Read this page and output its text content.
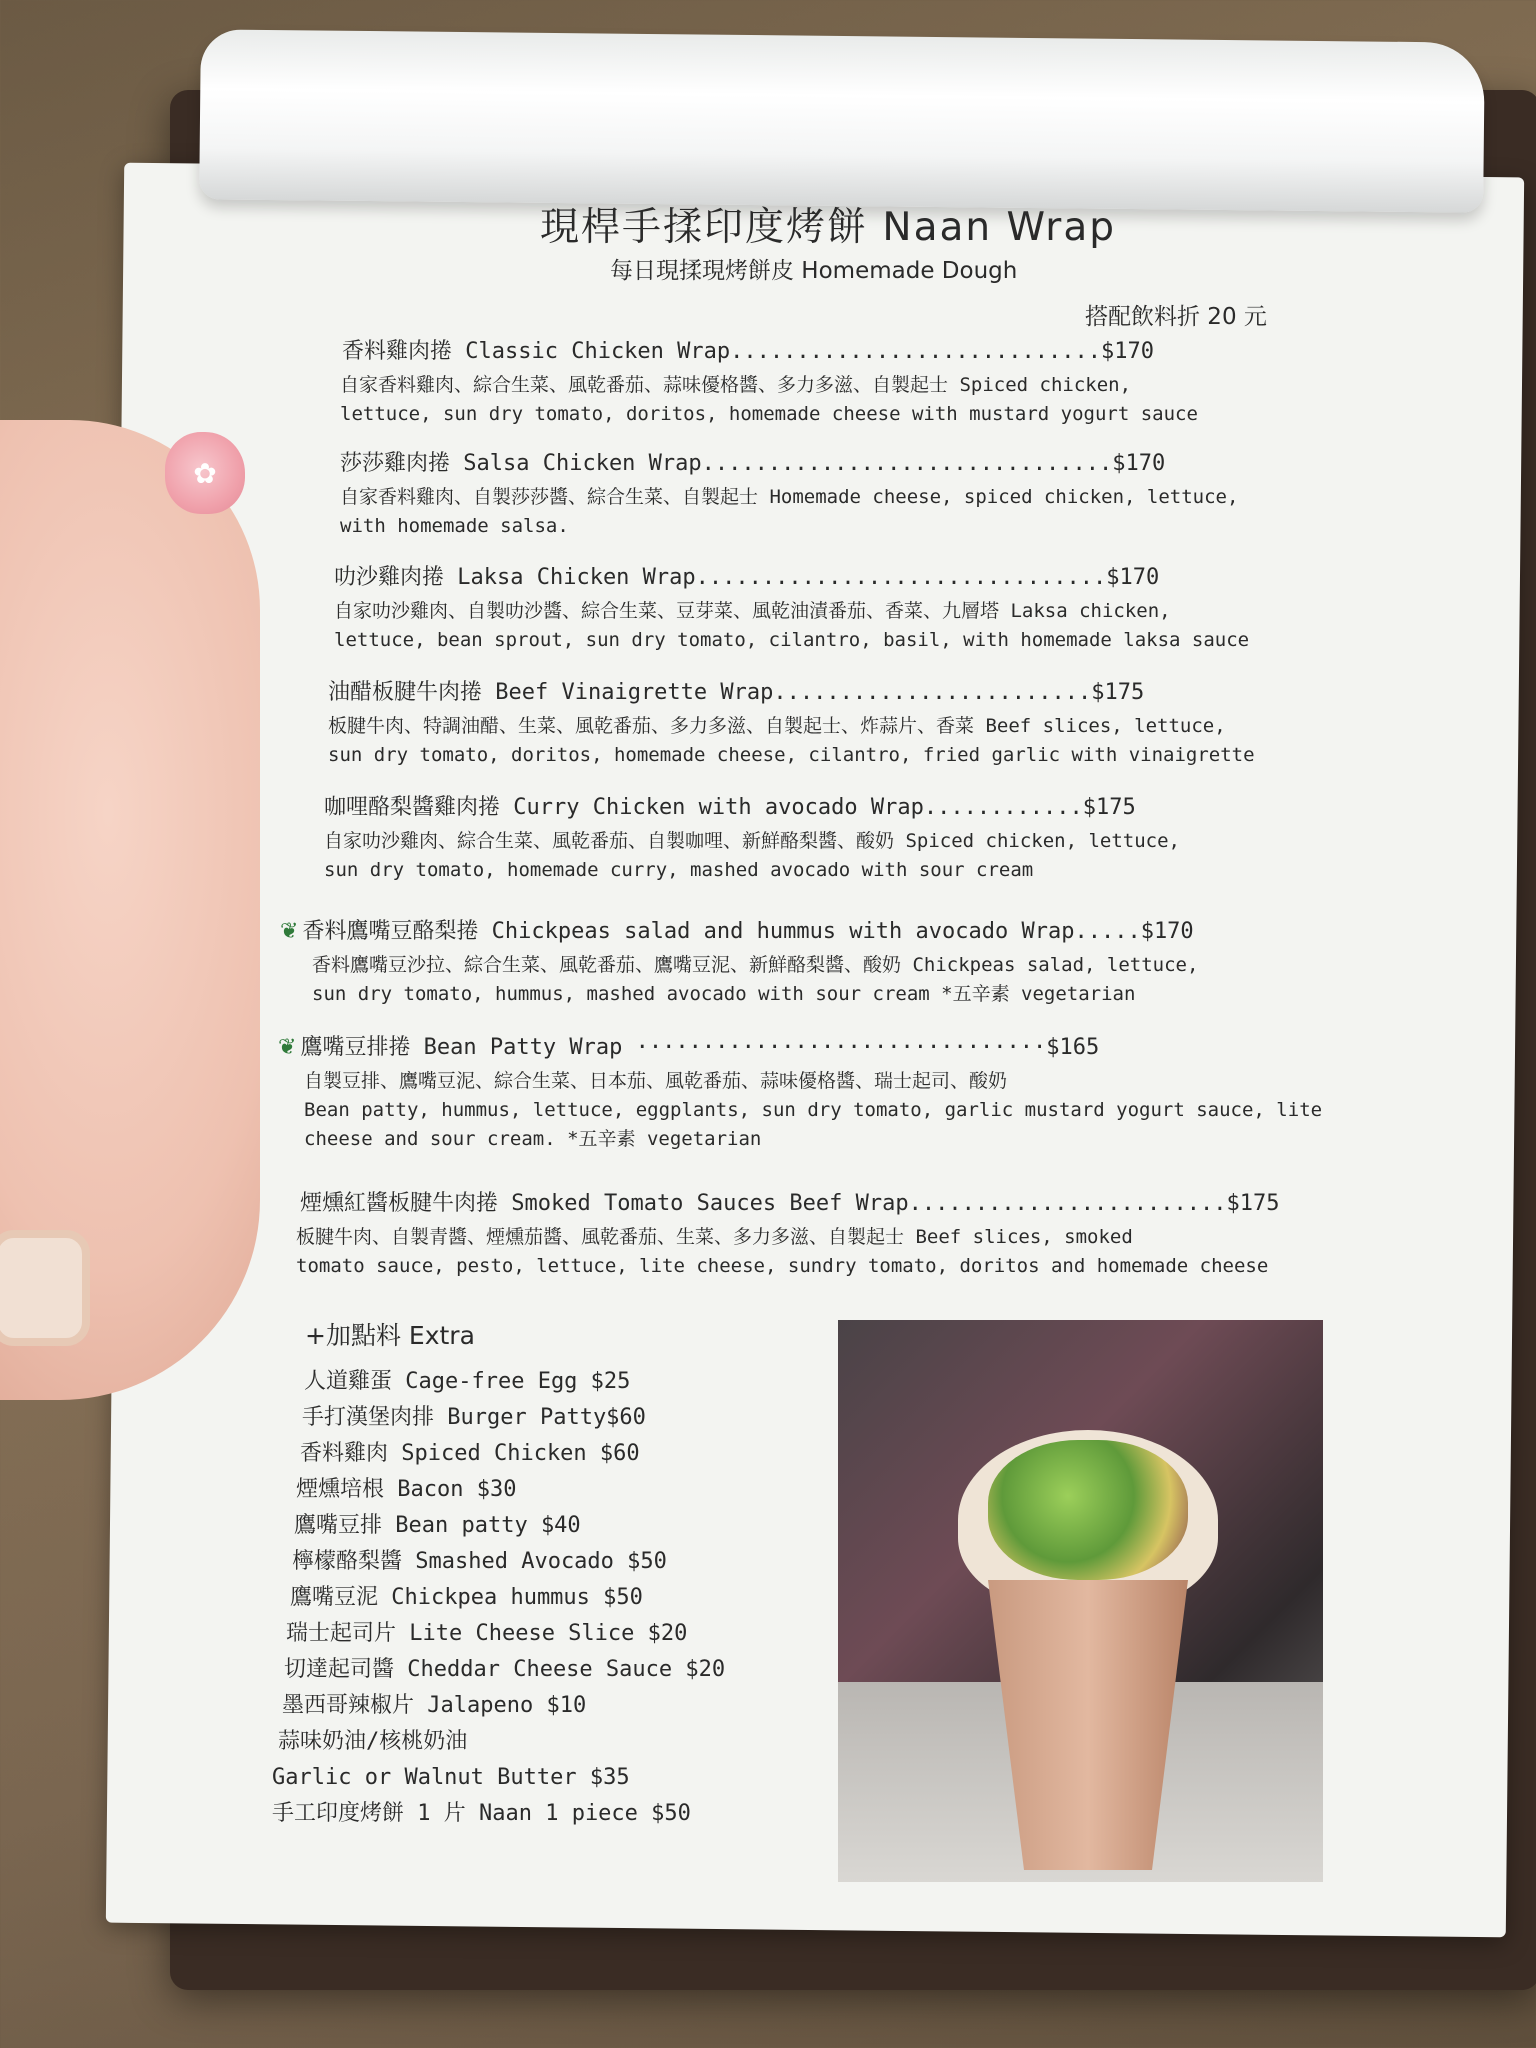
✿
現桿手揉印度烤餅 Naan Wrap
每日現揉現烤餅皮 Homemade Dough
搭配飲料折 20 元
香料雞肉捲 Classic Chicken Wrap............................$170
自家香料雞肉、綜合生菜、風乾番茄、蒜味優格醬、多力多滋、自製起士 Spiced chicken,
lettuce, sun dry tomato, doritos, homemade cheese with mustard yogurt sauce
莎莎雞肉捲 Salsa Chicken Wrap...............................$170
自家香料雞肉、自製莎莎醬、綜合生菜、自製起士 Homemade cheese, spiced chicken, lettuce,
with homemade salsa.
叻沙雞肉捲 Laksa Chicken Wrap...............................$170
自家叻沙雞肉、自製叻沙醬、綜合生菜、豆芽菜、風乾油漬番茄、香菜、九層塔 Laksa chicken,
lettuce, bean sprout, sun dry tomato, cilantro, basil, with homemade laksa sauce
油醋板腱牛肉捲 Beef Vinaigrette Wrap........................$175
板腱牛肉、特調油醋、生菜、風乾番茄、多力多滋、自製起士、炸蒜片、香菜 Beef slices, lettuce,
sun dry tomato, doritos, homemade cheese, cilantro, fried garlic with vinaigrette
咖哩酪梨醬雞肉捲 Curry Chicken with avocado Wrap............$175
自家叻沙雞肉、綜合生菜、風乾番茄、自製咖哩、新鮮酪梨醬、酸奶 Spiced chicken, lettuce,
sun dry tomato, homemade curry, mashed avocado with sour cream
❦ 香料鷹嘴豆酪梨捲 Chickpeas salad and hummus with avocado Wrap.....$170
香料鷹嘴豆沙拉、綜合生菜、風乾番茄、鷹嘴豆泥、新鮮酪梨醬、酸奶 Chickpeas salad, lettuce,
sun dry tomato, hummus, mashed avocado with sour cream *五辛素 vegetarian
❦ 鷹嘴豆排捲 Bean Patty Wrap ·······························$165
自製豆排、鷹嘴豆泥、綜合生菜、日本茄、風乾番茄、蒜味優格醬、瑞士起司、酸奶
Bean patty, hummus, lettuce, eggplants, sun dry tomato, garlic mustard yogurt sauce, lite
cheese and sour cream. *五辛素 vegetarian
煙燻紅醬板腱牛肉捲 Smoked Tomato Sauces Beef Wrap........................$175
板腱牛肉、自製青醬、煙燻茄醬、風乾番茄、生菜、多力多滋、自製起士 Beef slices, smoked
tomato sauce, pesto, lettuce, lite cheese, sundry tomato, doritos and homemade cheese
+加點料 Extra
人道雞蛋 Cage-free Egg $25
手打漢堡肉排 Burger Patty$60
香料雞肉 Spiced Chicken $60
煙燻培根 Bacon $30
鷹嘴豆排 Bean patty $40
檸檬酪梨醬 Smashed Avocado $50
鷹嘴豆泥 Chickpea hummus $50
瑞士起司片 Lite Cheese Slice $20
切達起司醬 Cheddar Cheese Sauce $20
墨西哥辣椒片 Jalapeno $10
蒜味奶油/核桃奶油
Garlic or Walnut Butter $35
手工印度烤餅 1 片 Naan 1 piece $50
